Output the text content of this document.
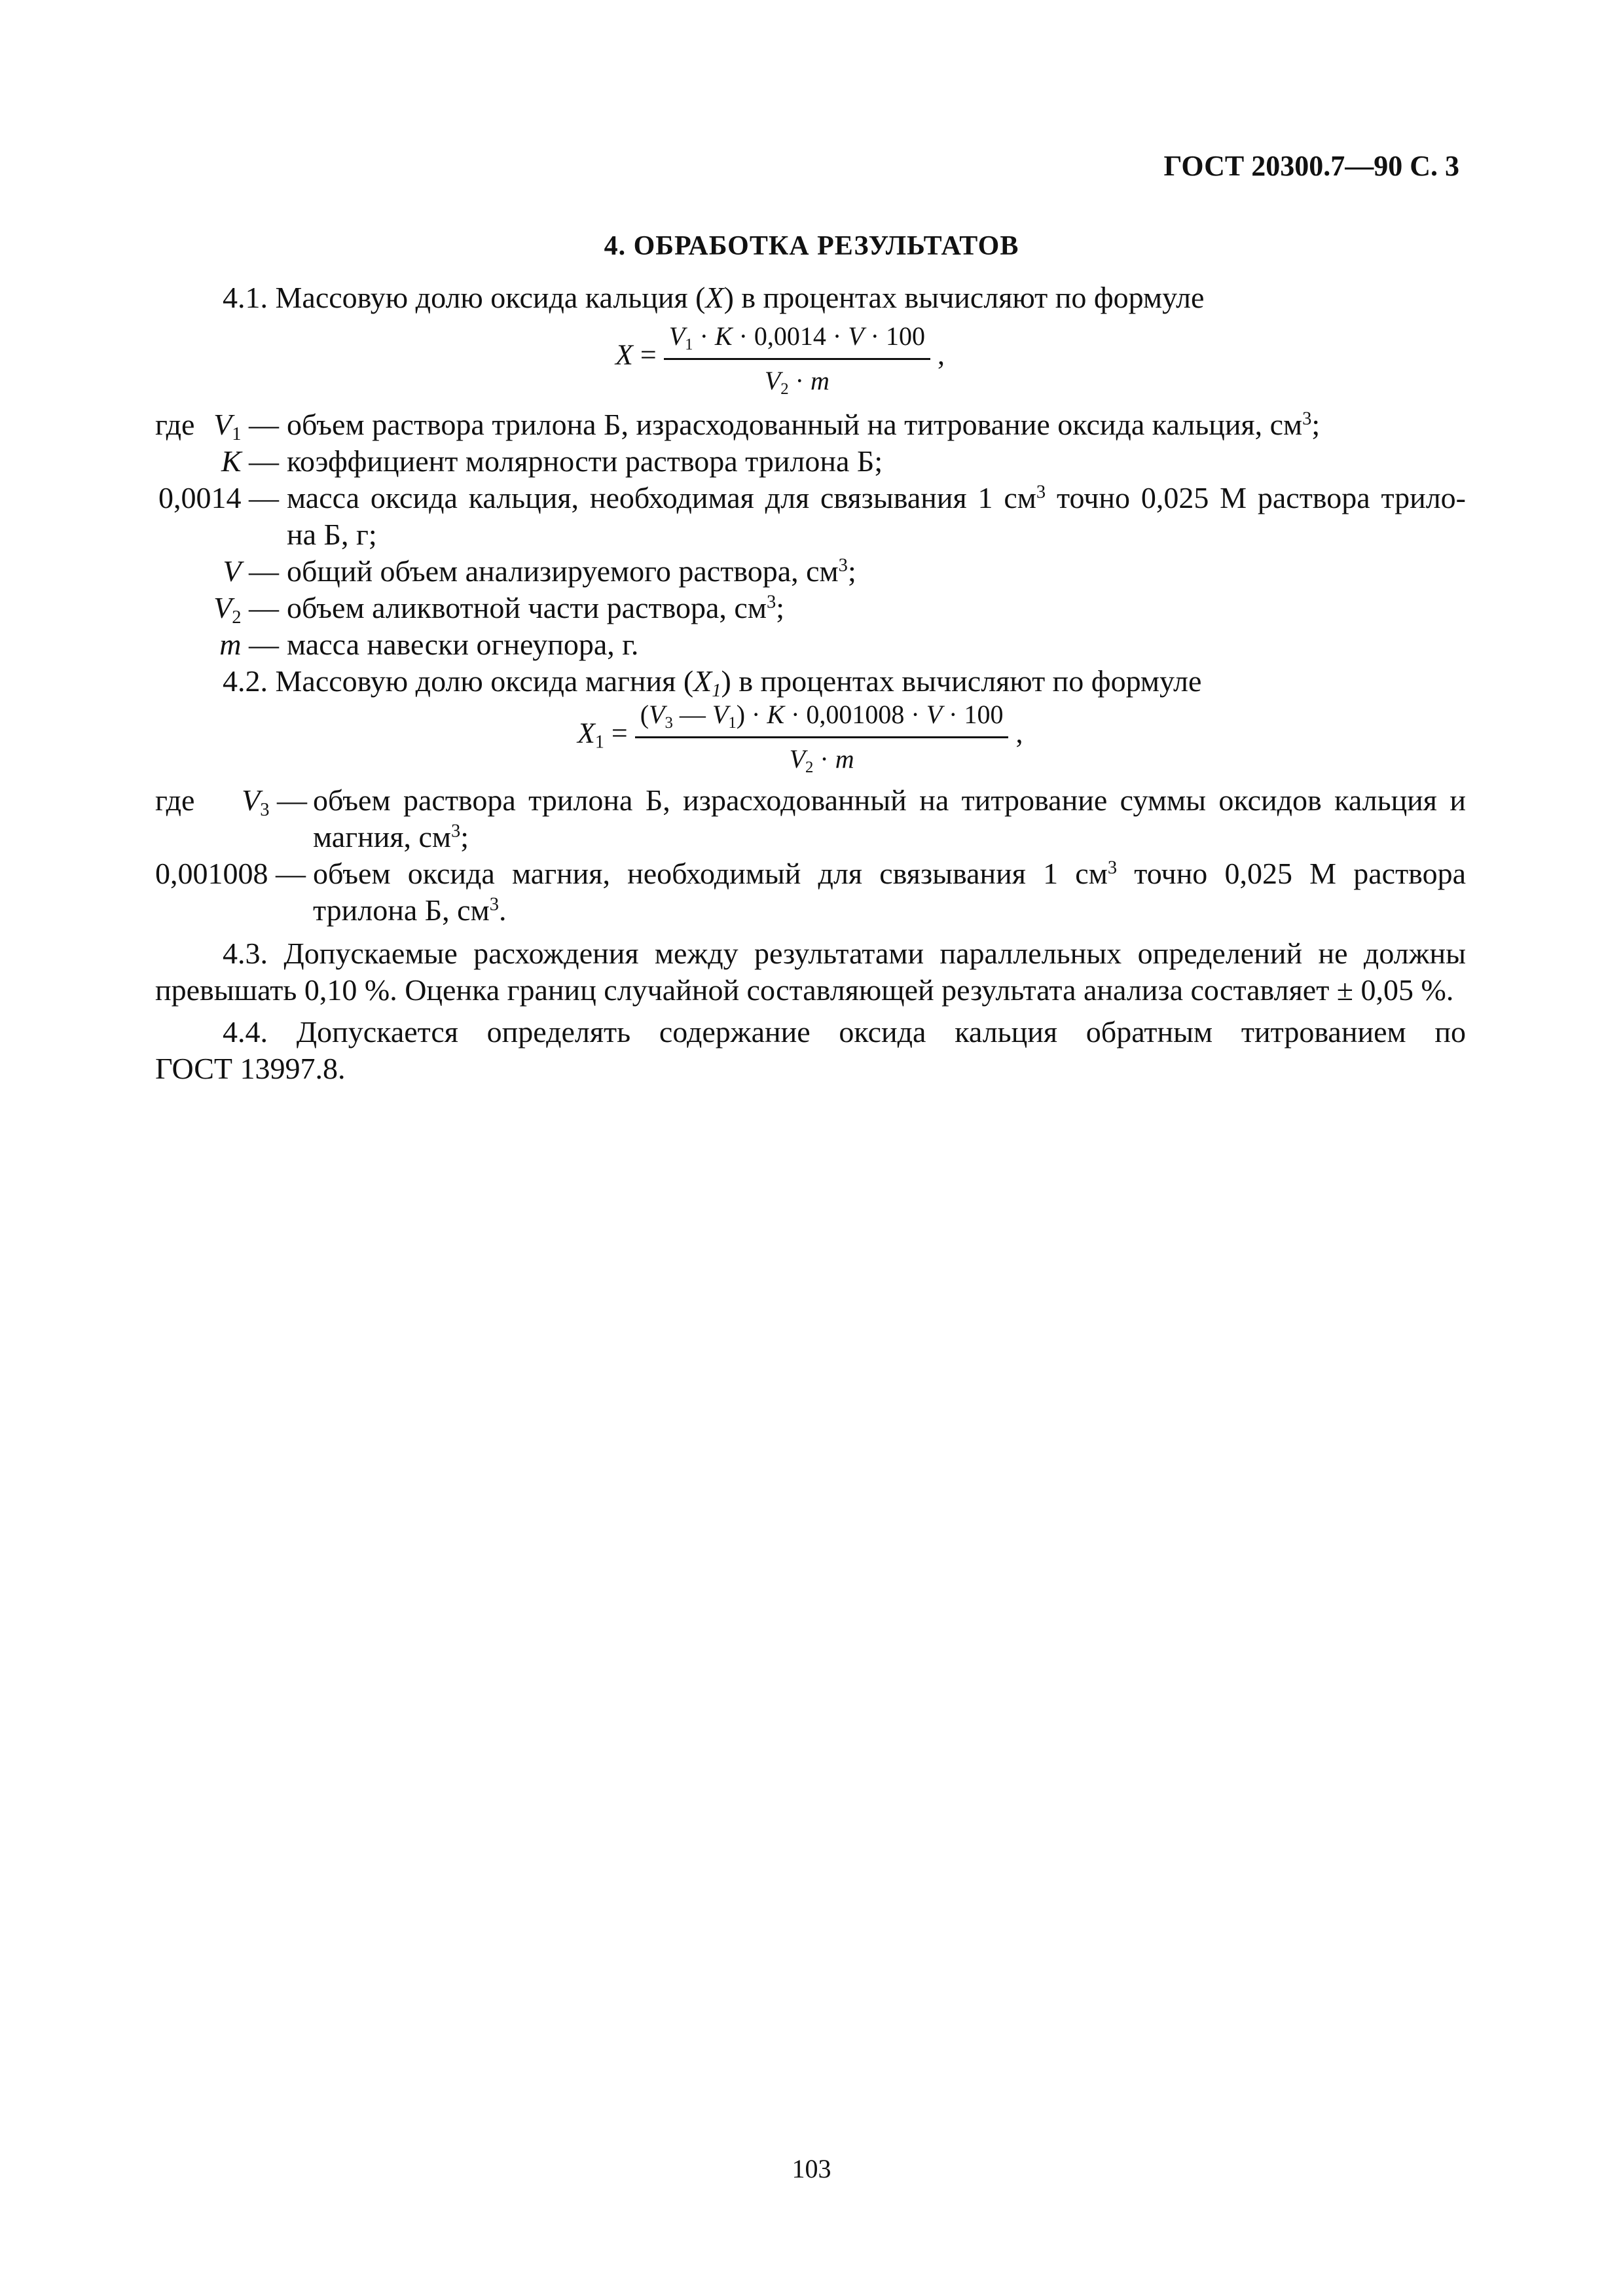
ГОСТ 20300.7—90 С. 3
4. ОБРАБОТКА РЕЗУЛЬТАТОВ
4.1. Массовую долю оксида кальция (X) в процентах вычисляют по формуле
$X = \frac{V_1 \cdot K \cdot 0,0014 \cdot V \cdot 100}{V_2 \cdot m}$ ,
где $V_1$ — объем раствора трилона Б, израсходованный на титрование оксида кальция, $см^3$;
K — коэффициент молярности раствора трилона Б;
0,0014 — масса оксида кальция, необходимая для связывания 1 $см^3$ точно 0,025 М раствора трило-
на Б, г;
V — общий объем анализируемого раствора, $см^3$;
$V_2$ — объем аликвотной части раствора, $см^3$;
m — масса навески огнеупора, г.
4.2. Массовую долю оксида магния $(X_1)$ в процентах вычисляют по формуле
$X_1 = \frac{(V_3 — V_1) \cdot K \cdot 0,001008 \cdot V \cdot 100}{V_2 \cdot m}$ ,
где $V_3$ — объем раствора трилона Б, израсходованный на титрование суммы оксидов кальция и
магния, $см^3$;
0,001008 — объем оксида магния, необходимый для связывания 1 $см^3$ точно 0,025 М раствора
трилона Б, $см^3$.
4.3. Допускаемые расхождения между результатами параллельных определений не должны
превышать 0,10 %. Оценка границ случайной составляющей результата анализа составляет ± 0,05 %.
4.4. Допускается определять содержание оксида кальция обратным титрованием по
ГОСТ 13997.8.
103
